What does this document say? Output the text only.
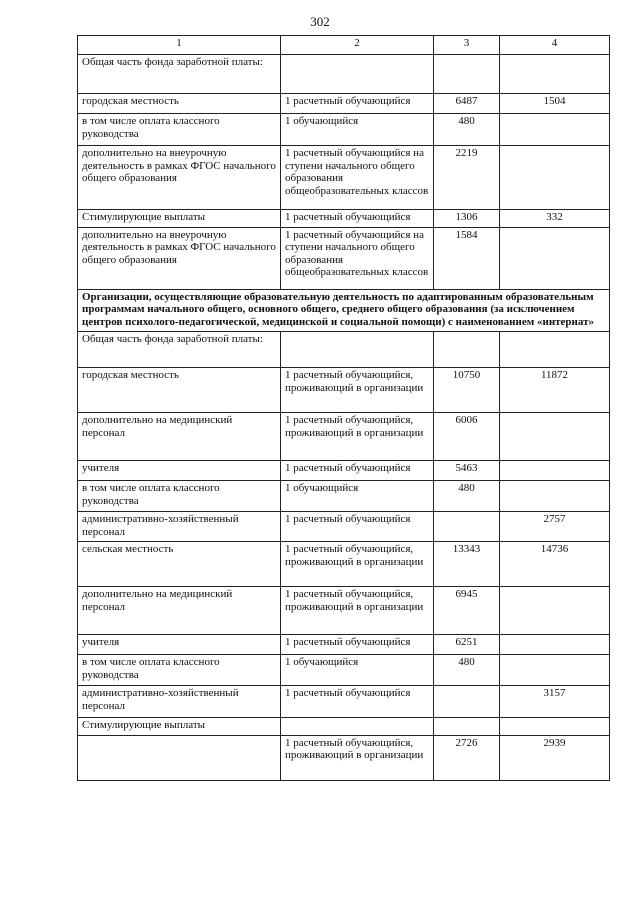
302
1	2	3	4
Общая часть фонда заработной платы:			
городская местность	1 расчетный обучающийся	6487	1504
в том числе оплата классного руководства	1 обучающийся	480	
дополнительно на внеурочную деятельность в рамках ФГОС начального общего образования	1 расчетный обучающийся на ступени начального общего образования общеобразовательных классов	2219	
Стимулирующие выплаты	1 расчетный обучающийся	1306	332
дополнительно на внеурочную деятельность в рамках ФГОС начального общего образования	1 расчетный обучающийся на ступени начального общего образования общеобразовательных классов	1584	
Организации, осуществляющие образовательную деятельность по адаптированным образовательным программам начального общего, основного общего, среднего общего образования (за исключением центров психолого-педагогической, медицинской и социальной помощи) с наименованием «интернат»			
Общая часть фонда заработной платы:			
городская местность	1 расчетный обучающийся, проживающий в организации	10750	11872
дополнительно на медицинский персонал	1 расчетный обучающийся, проживающий в организации	6006	
учителя	1 расчетный обучающийся	5463	
в том числе оплата классного руководства	1 обучающийся	480	
административно-хозяйственный персонал	1 расчетный обучающийся		2757
сельская местность	1 расчетный обучающийся, проживающий в организации	13343	14736
дополнительно на медицинский персонал	1 расчетный обучающийся, проживающий в организации	6945	
учителя	1 расчетный обучающийся	6251	
в том числе оплата классного руководства	1 обучающийся	480	
административно-хозяйственный персонал	1 расчетный обучающийся		3157
Стимулирующие выплаты			
	1 расчетный обучающийся, проживающий в организации	2726	2939
